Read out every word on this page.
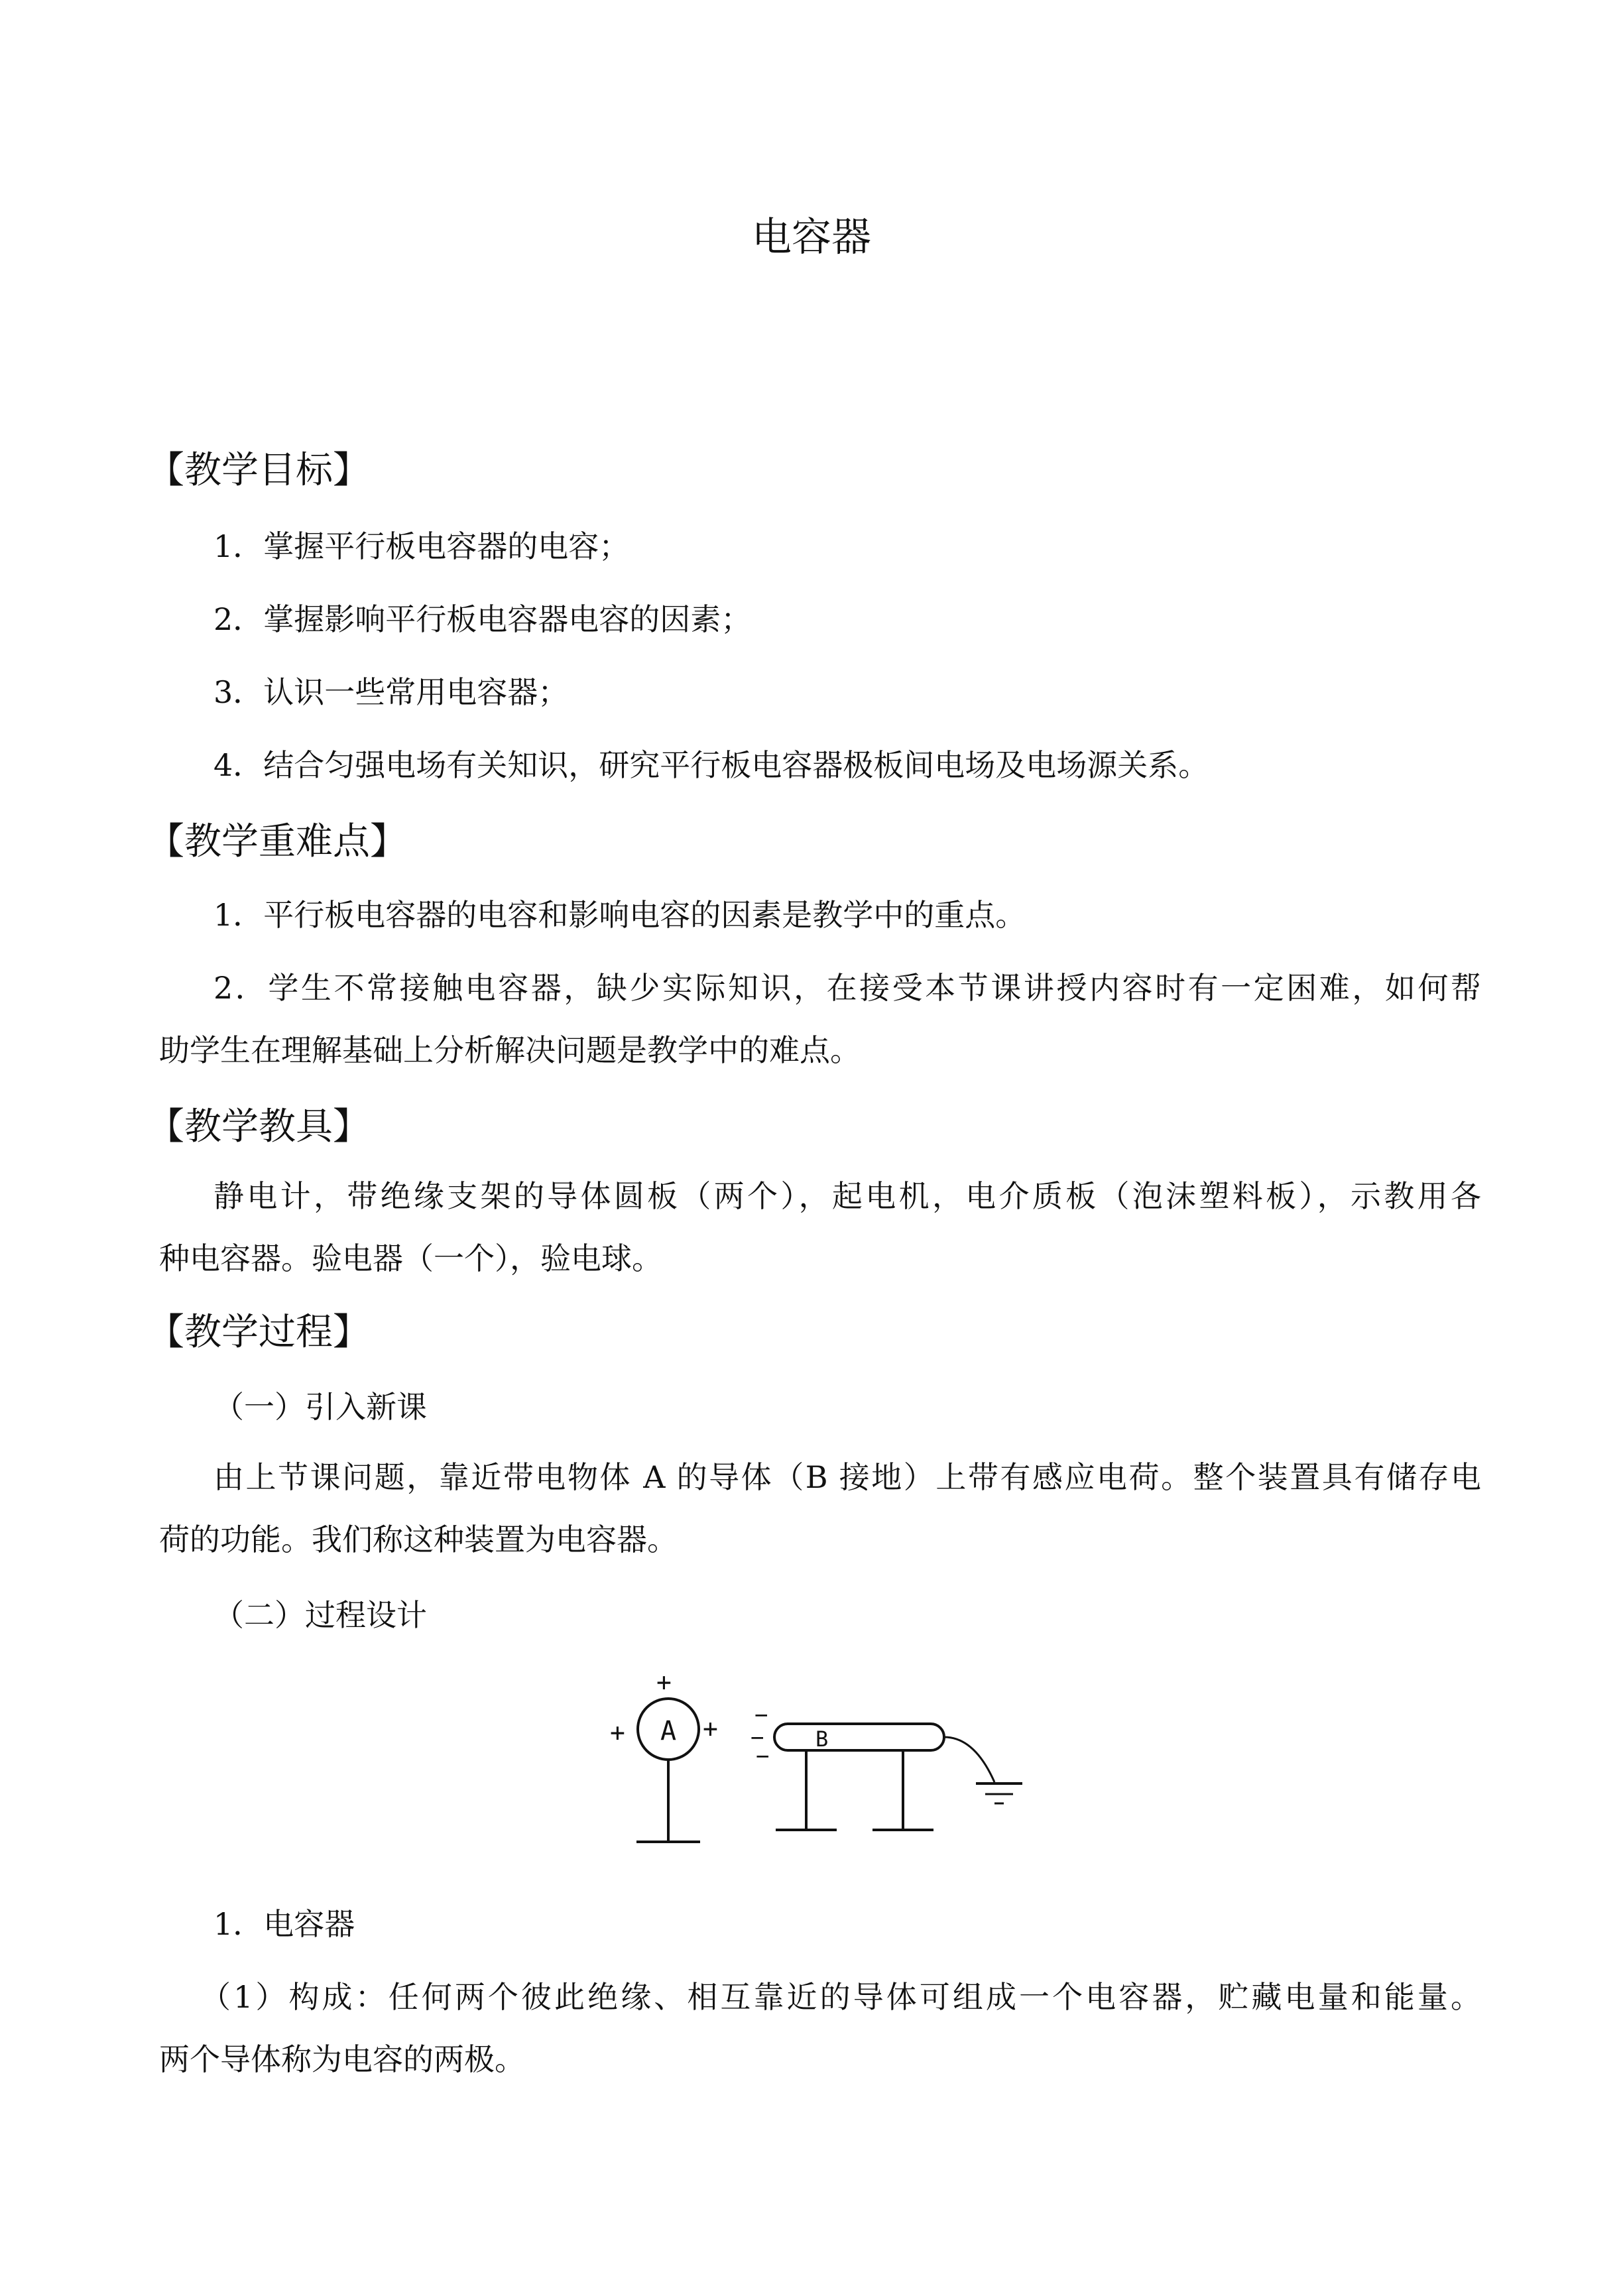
电容器
【教学目标】
1．掌握平行板电容器的电容；
2．掌握影响平行板电容器电容的因素；
3．认识一些常用电容器；
4．结合匀强电场有关知识，研究平行板电容器极板间电场及电场源关系。
【教学重难点】
1．平行板电容器的电容和影响电容的因素是教学中的重点。
2．学生不常接触电容器，缺少实际知识，在接受本节课讲授内容时有一定困难，如何帮
助学生在理解基础上分析解决问题是教学中的难点。
【教学教具】
静电计，带绝缘支架的导体圆板（两个），起电机，电介质板（泡沫塑料板），示教用各
种电容器。验电器（一个），验电球。
【教学过程】
（一）引入新课
由上节课问题，靠近带电物体 A 的导体（B 接地）上带有感应电荷。整个装置具有储存电
荷的功能。我们称这种装置为电容器。
（二）过程设计
A
+
+	+ −
−
−
B
1．电容器
（1）构成：任何两个彼此绝缘、相互靠近的导体可组成一个电容器，贮藏电量和能量。
两个导体称为电容的两极。
